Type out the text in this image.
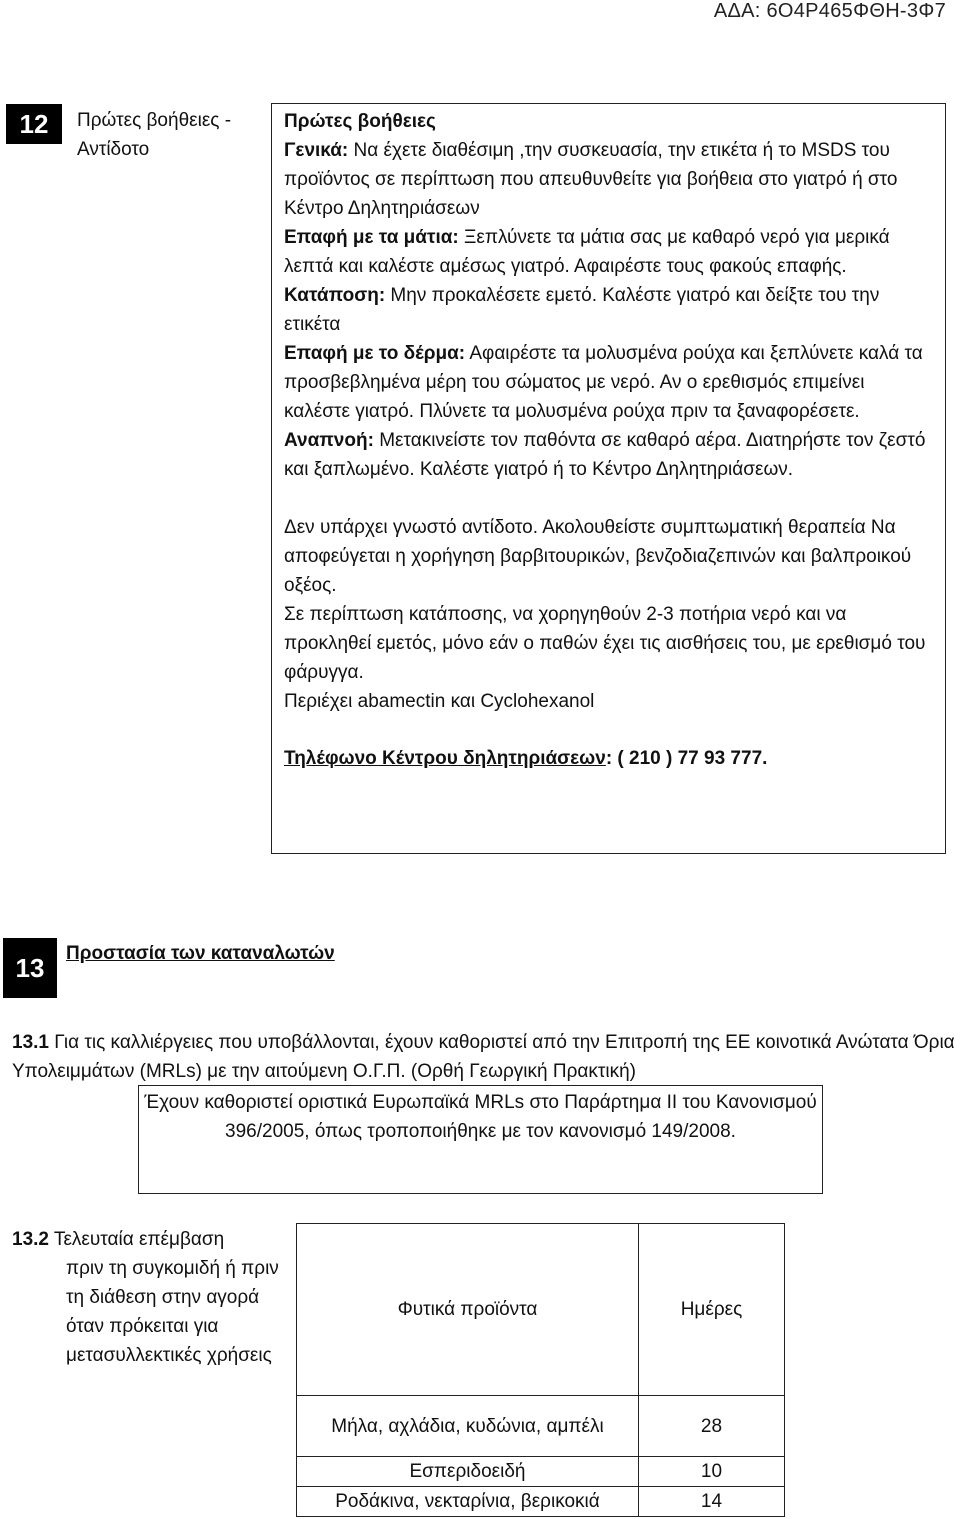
ΑΔΑ: 6Ο4Ρ465ΦΘΗ-3Φ7
12	Πρώτες βοήθειες - Αντίδοτο

Πρώτες βοήθειες

Γενικά: Να έχετε διαθέσιμη ,την συσκευασία, την ετικέτα ή το MSDS του προϊόντος σε περίπτωση που απευθυνθείτε για βοήθεια στο γιατρό ή στο Κέντρο Δηλητηριάσεων

Επαφή με τα μάτια: Ξεπλύνετε τα μάτια σας με καθαρό νερό για μερικά λεπτά και καλέστε αμέσως γιατρό. Αφαιρέστε τους φακούς επαφής.

Κατάποση: Μην προκαλέσετε εμετό. Καλέστε γιατρό και δείξτε του την ετικέτα

Επαφή με το δέρμα: Αφαιρέστε τα μολυσμένα ρούχα και ξεπλύνετε καλά τα προσβεβλημένα μέρη του σώματος με νερό. Αν ο ερεθισμός επιμείνει καλέστε γιατρό. Πλύνετε τα μολυσμένα ρούχα πριν τα ξαναφορέσετε.

Αναπνοή: Μετακινείστε τον παθόντα σε καθαρό αέρα. Διατηρήστε τον ζεστό και ξαπλωμένο. Καλέστε γιατρό ή το Κέντρο Δηλητηριάσεων.

Δεν υπάρχει γνωστό αντίδοτο. Ακολουθείστε συμπτωματική θεραπεία Να αποφεύγεται η χορήγηση βαρβιτουρικών, βενζοδιαζεπινών και βαλπροικού οξέος.

Σε περίπτωση κατάποσης, να χορηγηθούν 2-3 ποτήρια νερό και να προκληθεί εμετός, μόνο εάν ο παθών έχει τις αισθήσεις του, με ερεθισμό του φάρυγγα.

Περιέχει abamectin και Cyclohexanol

Τηλέφωνο Κέντρου δηλητηριάσεων: ( 210 ) 77 93 777.

13	Προστασία των καταναλωτών
13.1 Για τις καλλιέργειες που υποβάλλονται, έχουν καθοριστεί από την Επιτροπή της ΕΕ κοινοτικά Ανώτατα Όρια Υπολειμμάτων (MRLs) με την αιτούμενη Ο.Γ.Π. (Ορθή Γεωργική Πρακτική)
Έχουν καθοριστεί οριστικά Ευρωπαϊκά MRLs στο Παράρτημα ΙΙ του Κανονισμού 396/2005, όπως τροποποιήθηκε με τον κανονισμό 149/2008.
13.2 Τελευταία επέμβαση
πριν τη συγκομιδή ή πριν τη διάθεση στην αγορά όταν πρόκειται για μετασυλλεκτικές χρήσεις
Φυτικά προϊόντα	Ημέρες
Μήλα, αχλάδια, κυδώνια, αμπέλι	28
Εσπεριδοειδή	10
Ροδάκινα, νεκταρίνια, βερικοκιά	14
